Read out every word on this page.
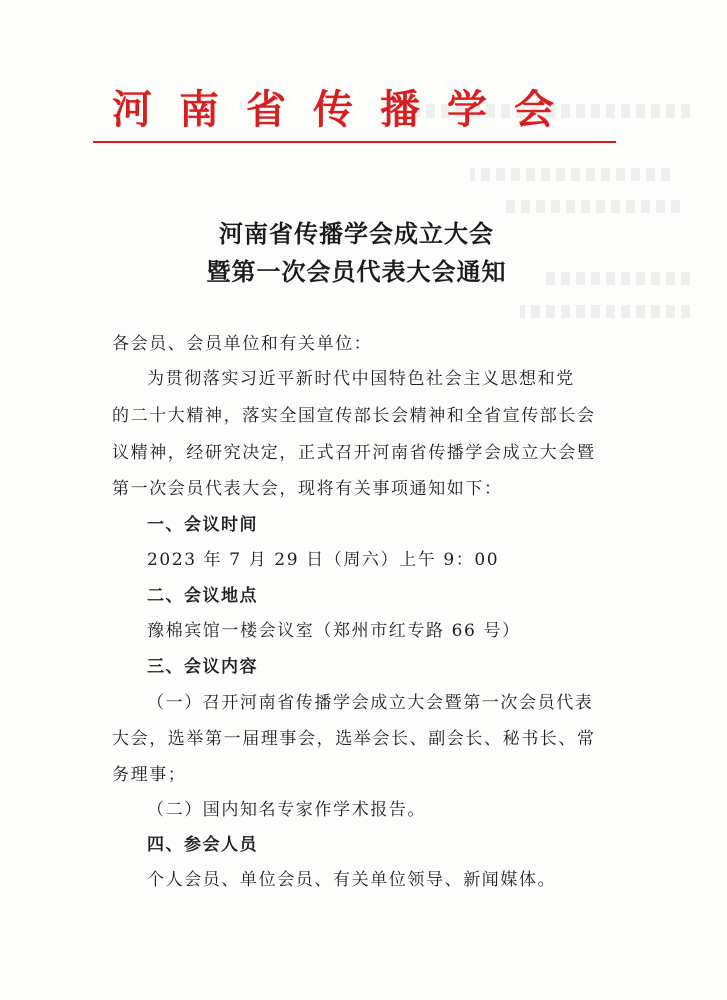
河南省传播学会
河南省传播学会成立大会
暨第一次会员代表大会通知
各会员、会员单位和有关单位：
为贯彻落实习近平新时代中国特色社会主义思想和党
的二十大精神，落实全国宣传部长会精神和全省宣传部长会
议精神，经研究决定，正式召开河南省传播学会成立大会暨
第一次会员代表大会，现将有关事项通知如下：
一、会议时间
2023 年 7 月 29 日（周六）上午 9：00
二、会议地点
豫棉宾馆一楼会议室（郑州市红专路 66 号）
三、会议内容
（一）召开河南省传播学会成立大会暨第一次会员代表
大会，选举第一届理事会，选举会长、副会长、秘书长、常
务理事；
（二）国内知名专家作学术报告。
四、参会人员
个人会员、单位会员、有关单位领导、新闻媒体。
